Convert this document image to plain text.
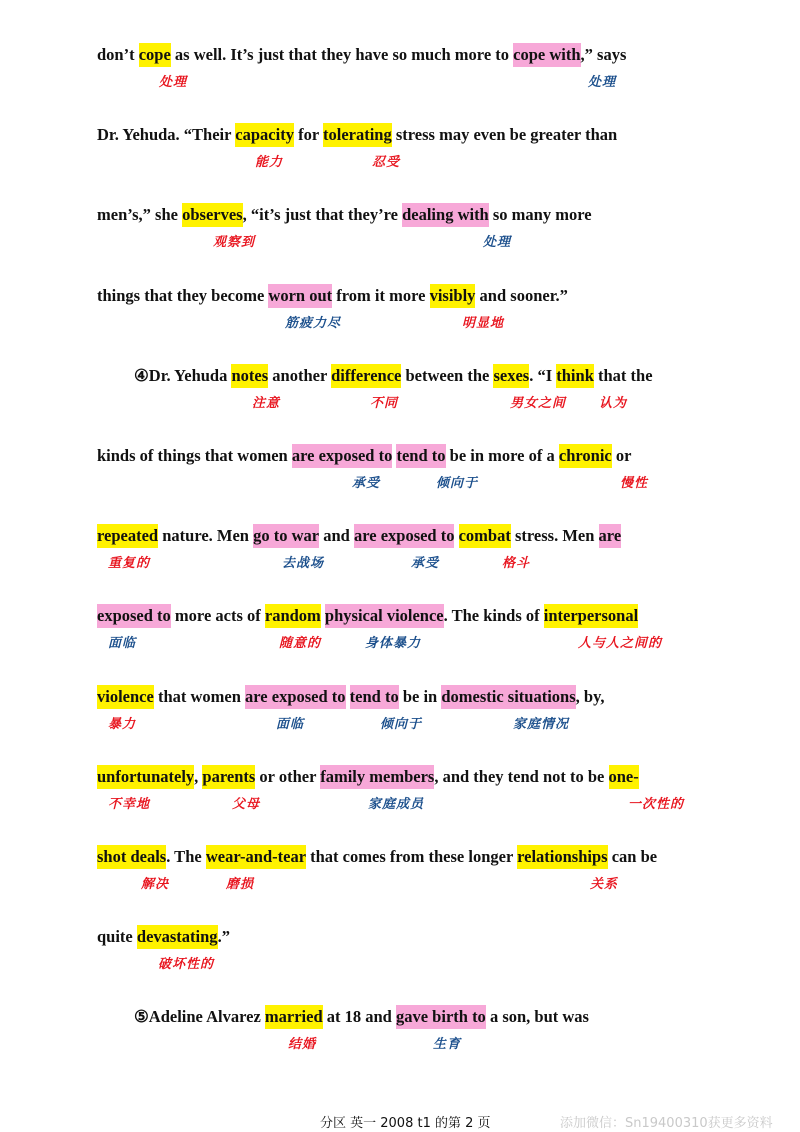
don’t cope as well. It’s just that they have so much more to cope with,” says
Dr. Yehuda. “Their capacity for tolerating stress may even be greater than
men’s,” she observes, “it’s just that they’re dealing with so many more
things that they become worn out from it more visibly and sooner.”
④Dr. Yehuda notes another difference between the sexes. “I think that the
kinds of things that women are exposed to tend to be in more of a chronic or
repeated nature. Men go to war and are exposed to combat stress. Men are
exposed to more acts of random physical violence. The kinds of interpersonal
violence that women are exposed to tend to be in domestic situations, by,
unfortunately, parents or other family members, and they tend not to be one-
shot deals. The wear-and-tear that comes from these longer relationships can be
quite devastating.”
⑤Adeline Alvarez married at 18 and gave birth to a son, but was
处理	处理
能力	忍受
观察到	处理
筋疲力尽	明显地
注意	不同	男女之间	认为
承受	倾向于	慢性
重复的	去战场	承受	格斗
面临	随意的	身体暴力	人与人之间的
暴力	面临	倾向于	家庭情况
不幸地	父母	家庭成员	一次性的
解决	磨损	关系
破坏性的
结婚	生育
分区 英一 2008 t1 的第 2 页	添加微信：Sn19400310获更多资料
